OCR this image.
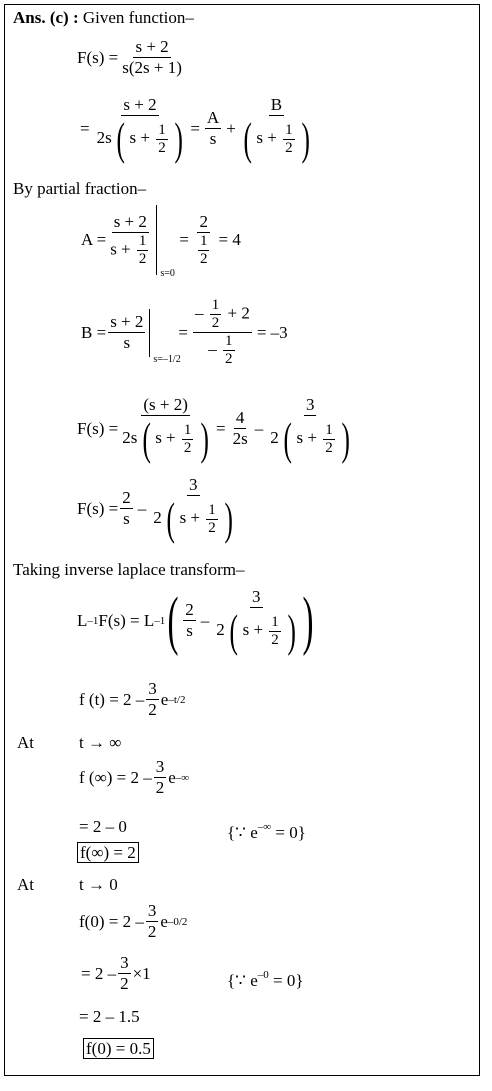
Ans. (c) : Given function–
$F(s) = \frac{s + 2}{s(2s + 1)}$
=
s + 2
2s ( $s + \frac{1}{2}$ ) = $\frac{A}{s}$ +
B
( $s + \frac{1}{2}$ )
By partial fraction–
$A = \frac{s + 2}{s + \frac{1}{2}}$
s=0
= $\frac{2}{\frac{1}{2}} = 4$
$B = \frac{s + 2}{s}$
s=–1/2
= $\frac{- \frac{1}{2} + 2}{- \frac{1}{2}} = -3$
F(s) =
(s + 2)
2s ( $s + \frac{1}{2}$ ) = $\frac{4}{2s}$ –
3
2 ( $s + \frac{1}{2}$ )
$F(s) = \frac{2}{s}$ –
3
2 ( $s + \frac{1}{2}$ )
Taking inverse laplace transform–
L –1 F(s) = L –1 ( $\frac{2}{s}$ –
3
2 ( $s + \frac{1}{2}$ ) )
f $(t) = 2 - \frac{3}{2}$ e –t/2
At	t → ∞
f (∞) = $2 - \frac{3}{2}$ e –∞
= 2 – 0	{∵ e–∞ = 0}
f(∞) = 2
At	t → 0
$f(0) = 2 - \frac{3}{2}$ e –0/2
= $2 - \frac{3}{2} \times 1$	{∵ $e^{-0} = 0$}
= 2 – 1.5
f(0) = 0.5
